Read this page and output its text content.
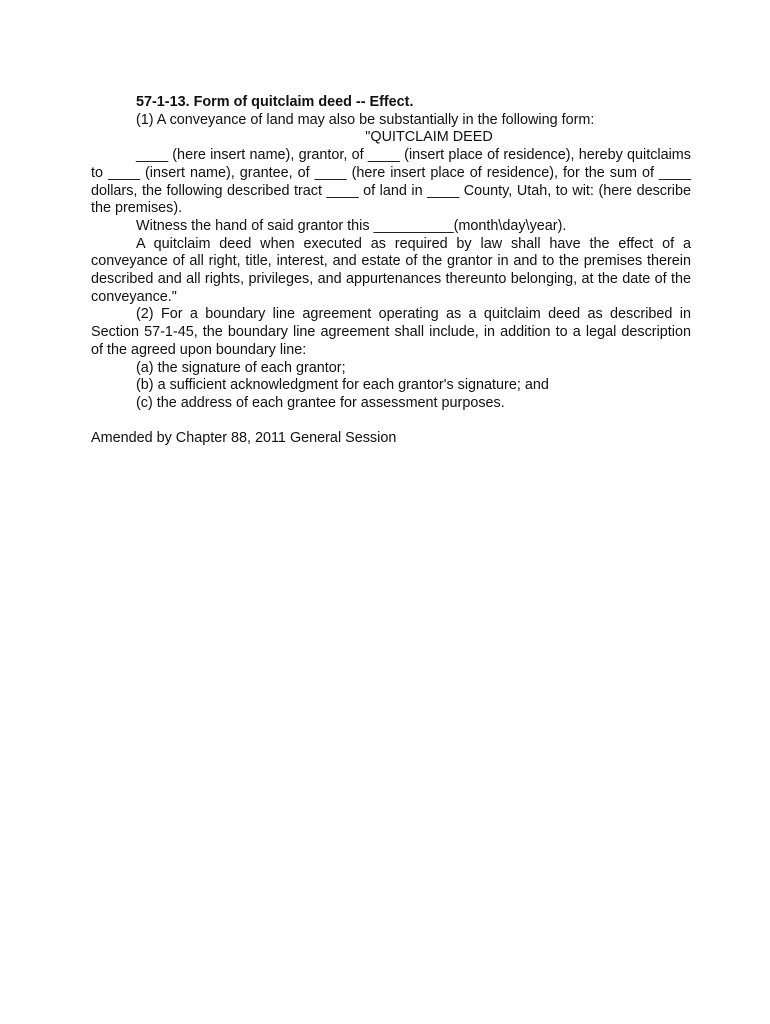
57-1-13. Form of quitclaim deed -- Effect.

(1) A conveyance of land may also be substantially in the following form:

"QUITCLAIM DEED

____ (here insert name), grantor, of ____ (insert place of residence), hereby quitclaims to ____ (insert name), grantee, of ____ (here insert place of residence), for the sum of ____ dollars, the following described tract ____ of land in ____ County, Utah, to wit: (here describe the premises).

Witness the hand of said grantor this __________(month\day\year).

A quitclaim deed when executed as required by law shall have the effect of a conveyance of all right, title, interest, and estate of the grantor in and to the premises therein described and all rights, privileges, and appurtenances thereunto belonging, at the date of the conveyance."

(2) For a boundary line agreement operating as a quitclaim deed as described in Section 57-1-45, the boundary line agreement shall include, in addition to a legal description of the agreed upon boundary line:

(a) the signature of each grantor;

(b) a sufficient acknowledgment for each grantor's signature; and

(c) the address of each grantee for assessment purposes.

Amended by Chapter 88, 2011 General Session
